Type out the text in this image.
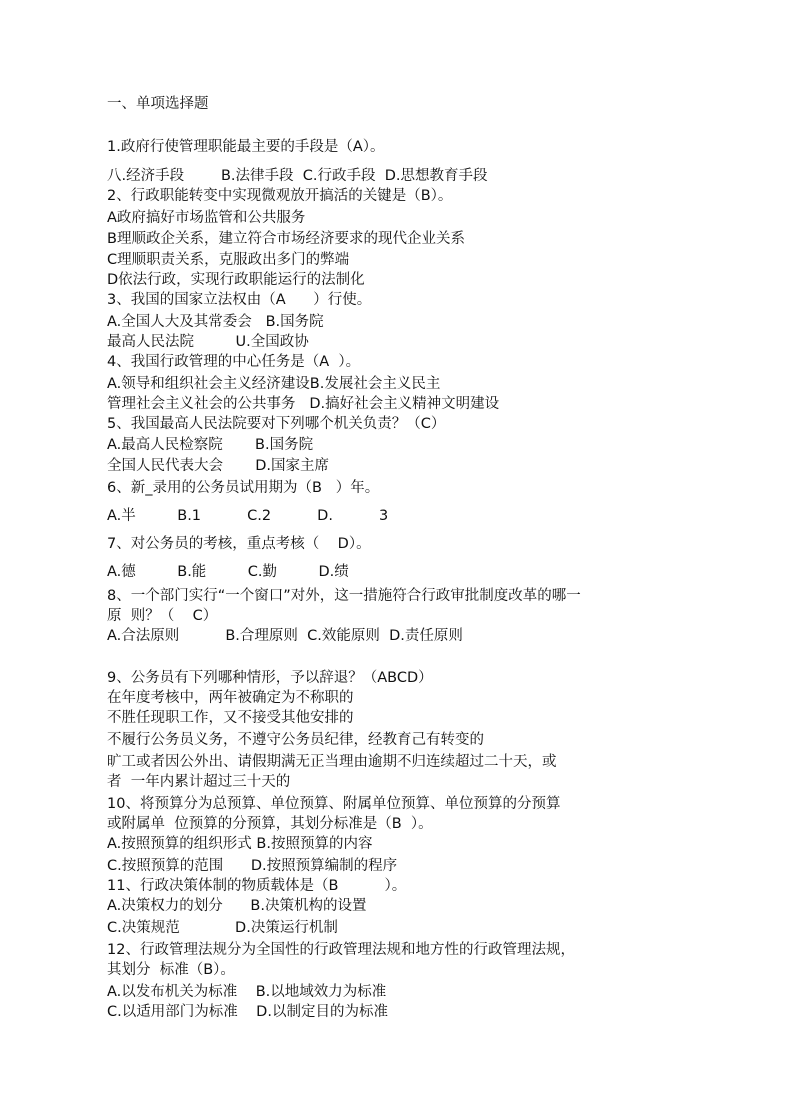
一、单项选择题
1.政府行使管理职能最主要的手段是（A）。
八.经济手段        B.法律手段  C.行政手段  D.思想教育手段
2、行政职能转变中实现微观放开搞活的关键是（B）。
A政府搞好市场监管和公共服务
B理顺政企关系，建立符合市场经济要求的现代企业关系
C理顺职责关系，克服政出多门的弊端
D依法行政，实现行政职能运行的法制化
3、我国的国家立法权由（A      ）行使。
A.全国人大及其常委会   B.国务院
最高人民法院         U.全国政协
4、我国行政管理的中心任务是（A  ）。
A.领导和组织社会主义经济建设B.发展社会主义民主
管理社会主义社会的公共事务   D.搞好社会主义精神文明建设
5、我国最高人民法院要对下列哪个机关负责？（C）
A.最高人民检察院       B.国务院
全国人民代表大会       D.国家主席
6、新_录用的公务员试用期为（B   ）年。
A.半         B.1          C.2          D.          3
7、对公务员的考核，重点考核（    D）。
A.德         B.能         C.勤         D.绩
8、一个部门实行“一个窗口”对外，这一措施符合行政审批制度改革的哪一
原  则？（    C）
A.合法原则          B.合理原则  C.效能原则  D.责任原则
9、公务员有下列哪种情形，予以辞退？（ABCD）
在年度考核中，两年被确定为不称职的
不胜任现职工作，又不接受其他安排的
不履行公务员义务，不遵守公务员纪律，经教育己有转变的
旷工或者因公外出、请假期满无正当理由逾期不归连续超过二十天，或
者  一年内累计超过三十天的
10、将预算分为总预算、单位预算、附属单位预算、单位预算的分预算
或附属单  位预算的分预算，其划分标准是（B  ）。
A.按照预算的组织形式 B.按照预算的内容
C.按照预算的范围      D.按照预算编制的程序
11、行政决策体制的物质载体是（B          ）。
A.决策权力的划分      B.决策机构的设置
C.决策规范            D.决策运行机制
12、行政管理法规分为全国性的行政管理法规和地方性的行政管理法规，
其划分  标准（B）。
A.以发布机关为标准    B.以地域效力为标准
C.以适用部门为标准    D.以制定目的为标准
